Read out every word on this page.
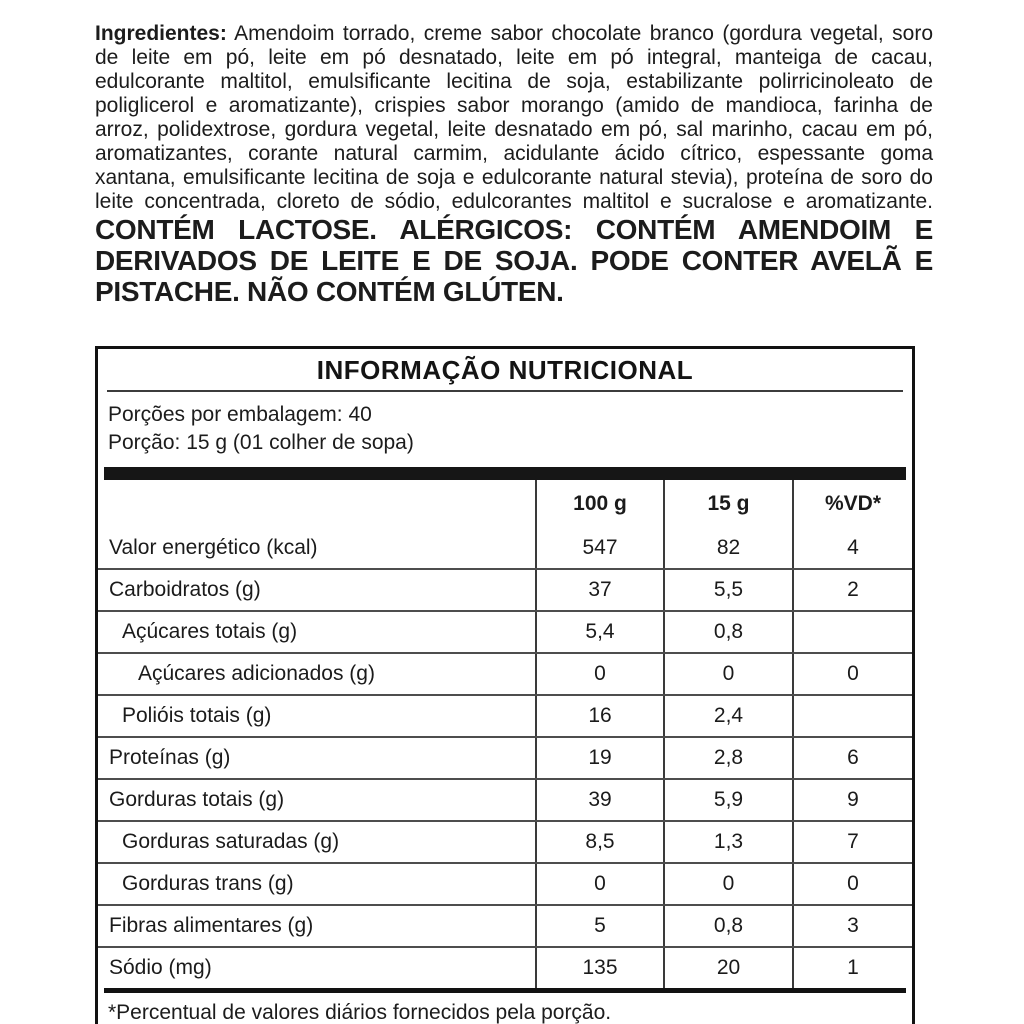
Ingredientes: Amendoim torrado, creme sabor chocolate branco (gordura vegetal, soro de leite em pó, leite em pó desnatado, leite em pó integral, manteiga de cacau, edulcorante maltitol, emulsificante lecitina de soja, estabilizante polirricinoleato de poliglicerol e aromatizante), crispies sabor morango (amido de mandioca, farinha de arroz, polidextrose, gordura vegetal, leite desnatado em pó, sal marinho, cacau em pó, aromatizantes, corante natural carmim, acidulante ácido cítrico, espessante goma xantana, emulsificante lecitina de soja e edulcorante natural stevia), proteína de soro do leite concentrada, cloreto de sódio, edulcorantes maltitol e sucralose e aromatizante. CONTÉM LACTOSE. ALÉRGICOS: CONTÉM AMENDOIM E DERIVADOS DE LEITE E DE SOJA. PODE CONTER AVELÃ E PISTACHE. NÃO CONTÉM GLÚTEN.

INFORMAÇÃO NUTRICIONAL
Porções por embalagem: 40
Porção: 15 g (01 colher de sopa)
100 g	15 g	%VD*
Valor energético (kcal)	547	82	4
Carboidratos (g)	37	5,5	2
Açúcares totais (g)	5,4	0,8
Açúcares adicionados (g)	0	0	0
Polióis totais (g)	16	2,4
Proteínas (g)	19	2,8	6
Gorduras totais (g)	39	5,9	9
Gorduras saturadas (g)	8,5	1,3	7
Gorduras trans (g)	0	0	0
Fibras alimentares (g)	5	0,8	3
Sódio (mg)	135	20	1
*Percentual de valores diários fornecidos pela porção.
